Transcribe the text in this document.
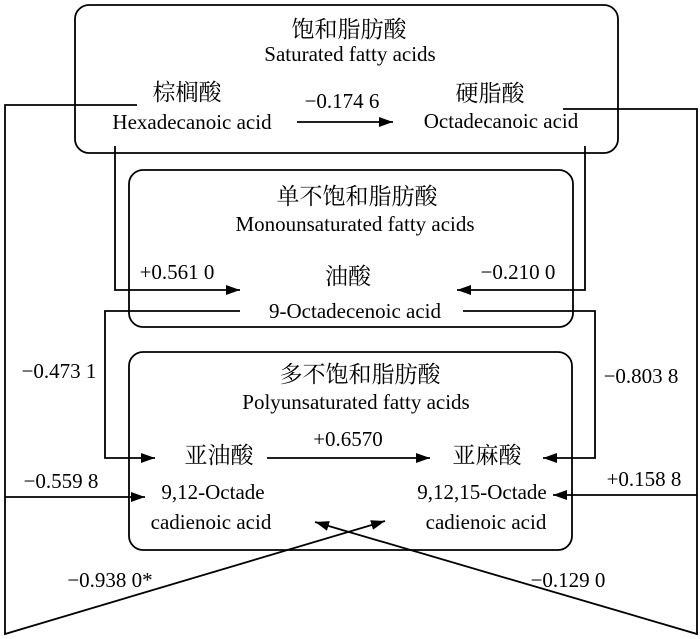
饱和脂肪酸
Saturated fatty acids
棕榈酸
Hexadecanoic acid
硬脂酸
Octadecanoic acid
−0.174 6
单不饱和脂肪酸
Monounsaturated fatty acids
+0.561 0	油酸	−0.210 0
9-Octadecenoic acid
多不饱和脂肪酸
Polyunsaturated fatty acids
+0.6570
亚油酸	亚麻酸
9,12-Octade	9,12,15-Octade
cadienoic acid	cadienoic acid
−0.473 1	−0.803 8
−0.559 8	+0.158 8
−0.938 0*	−0.129 0
